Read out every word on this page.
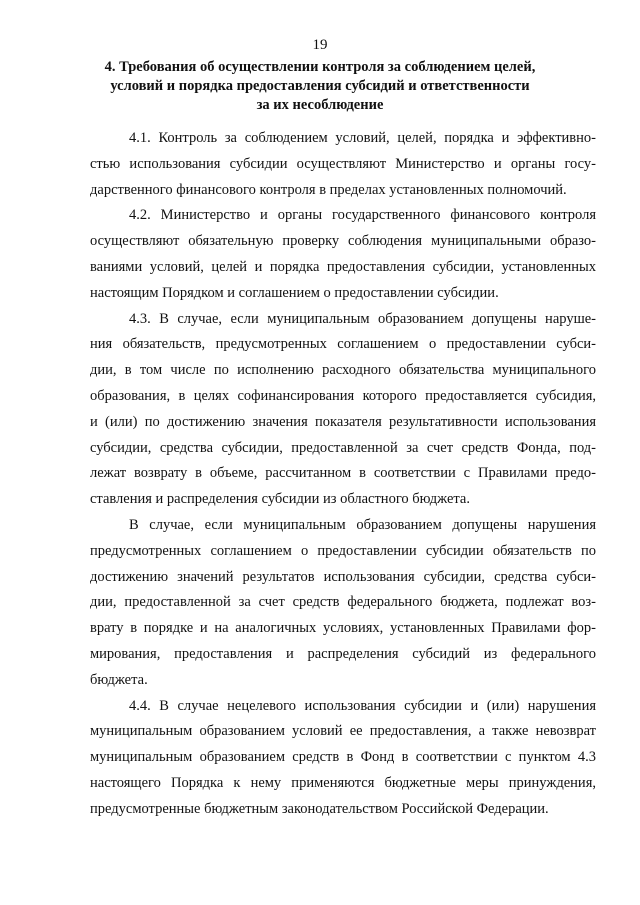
19
4. Требования об осуществлении контроля за соблюдением целей,
условий и порядка предоставления субсидий и ответственности
за их несоблюдение
4.1. Контроль за соблюдением условий, целей, порядка и эффективно-
стью использования субсидии осуществляют Министерство и органы госу-
дарственного финансового контроля в пределах установленных полномочий.
4.2. Министерство и органы государственного финансового контроля
осуществляют обязательную проверку соблюдения муниципальными образо-
ваниями условий, целей и порядка предоставления субсидии, установленных
настоящим Порядком и соглашением о предоставлении субсидии.
4.3. В случае, если муниципальным образованием допущены наруше-
ния обязательств, предусмотренных соглашением о предоставлении субси-
дии, в том числе по исполнению расходного обязательства муниципального
образования, в целях софинансирования которого предоставляется субсидия,
и (или) по достижению значения показателя результативности использования
субсидии, средства субсидии, предоставленной за счет средств Фонда, под-
лежат возврату в объеме, рассчитанном в соответствии с Правилами предо-
ставления и распределения субсидии из областного бюджета.
В случае, если муниципальным образованием допущены нарушения
предусмотренных соглашением о предоставлении субсидии обязательств по
достижению значений результатов использования субсидии, средства субси-
дии, предоставленной за счет средств федерального бюджета, подлежат воз-
врату в порядке и на аналогичных условиях, установленных Правилами фор-
мирования, предоставления и распределения субсидий из федерального
бюджета.
4.4. В случае нецелевого использования субсидии и (или) нарушения
муниципальным образованием условий ее предоставления, а также невозврат
муниципальным образованием средств в Фонд в соответствии с пунктом 4.3
настоящего Порядка к нему применяются бюджетные меры принуждения,
предусмотренные бюджетным законодательством Российской Федерации.
